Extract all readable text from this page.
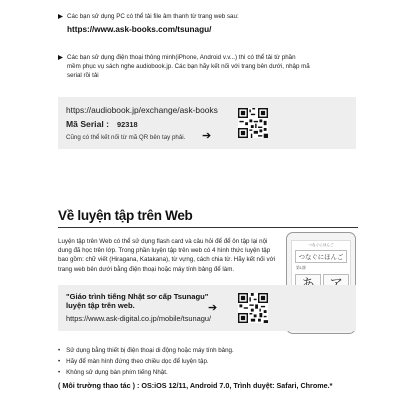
Các bạn sử dụng PC có thể tải file âm thanh từ trang web sau:
https://www.ask-books.com/tsunagu/
Các bạn sử dụng điện thoại thông minh(iPhone, Android v.v...) thì có thể tải từ phần
mềm phục vụ sách nghe audiobook.jp. Các bạn hãy kết nối với trang bên dưới, nhập mã
serial rồi tải
https://audiobook.jp/exchange/ask-books
Mã Serial : 92318
Cũng có thể kết nối từ mã QR bên tay phải. ➔
Về luyện tập trên Web
Luyện tập trên Web có thể sử dụng flash card và câu hỏi để để ôn tập lại nội dung đã học trên lớp. Trong phần luyện tập trên web có 4 hình thức luyện tập bao gồm: chữ viết (Hiragana, Katakana), từ vựng, cách chia từ. Hãy kết nối với trang web bên dưới bằng điện thoại hoặc máy tính bảng để làm.
つなぐにほんご
つなぐにほんご
第1課
"Giáo trình tiếng Nhật sơ cấp Tsunagu"
luyện tập trên web.
https://www.ask-digital.co.jp/mobile/tsunagu/
➔
• Sử dụng bằng thiết bị điện thoại di động hoặc máy tính bảng.
• Hãy để màn hình đứng theo chiều dọc để luyện tập.
• Không sử dụng bàn phím tiếng Nhật.
( Môi trường thao tác ) : OS:iOS 12/11, Android 7.0, Trình duyệt: Safari, Chrome.*
